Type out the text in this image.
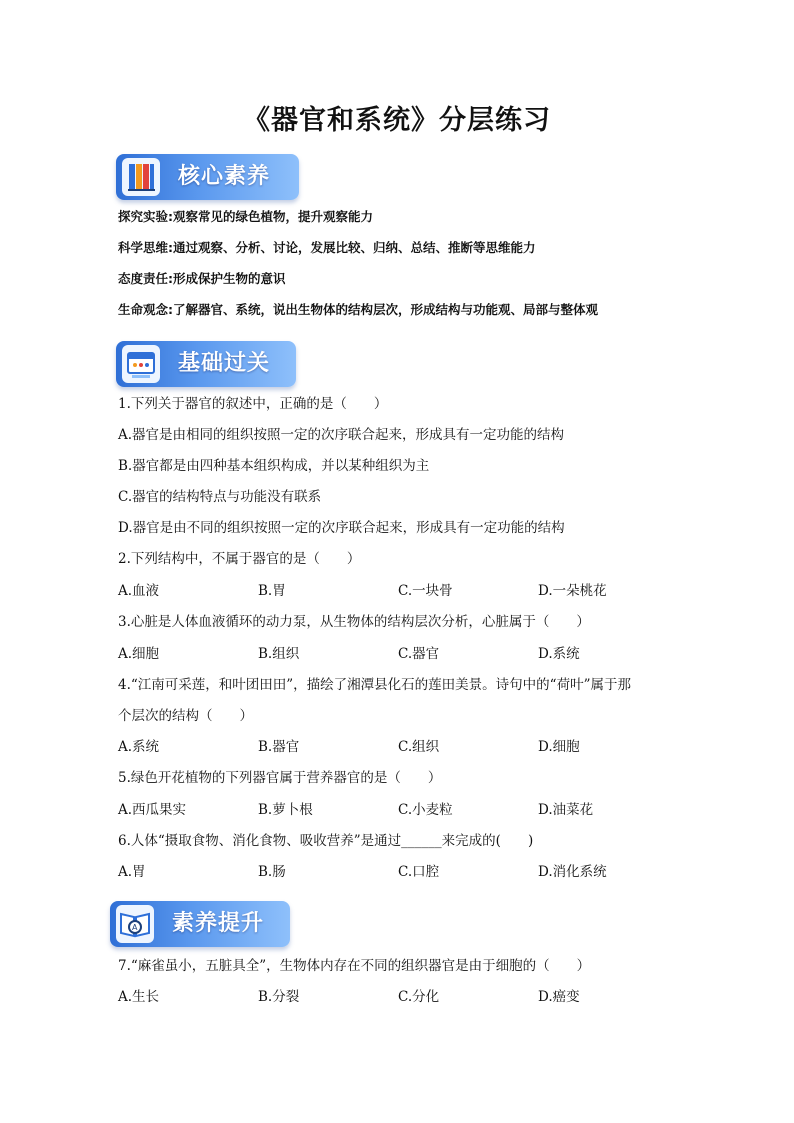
《器官和系统》分层练习
核心素养
探究实验:观察常见的绿色植物，提升观察能力
科学思维:通过观察、分析、讨论，发展比较、归纳、总结、推断等思维能力
态度责任:形成保护生物的意识
生命观念:了解器官、系统，说出生物体的结构层次，形成结构与功能观、局部与整体观
基础过关
1.下列关于器官的叙述中，正确的是（　　）
A.器官是由相同的组织按照一定的次序联合起来，形成具有一定功能的结构
B.器官都是由四种基本组织构成，并以某种组织为主
C.器官的结构特点与功能没有联系
D.器官是由不同的组织按照一定的次序联合起来，形成具有一定功能的结构
2.下列结构中，不属于器官的是（　　）
A.血液	B.胃	C.一块骨	D.一朵桃花
3.心脏是人体血液循环的动力泵，从生物体的结构层次分析，心脏属于（　　）
A.细胞	B.组织	C.器官	D.系统
4.“江南可采莲，和叶团田田”，描绘了湘潭县化石的莲田美景。诗句中的“荷叶”属于那
个层次的结构（　　）
A.系统	B.器官	C.组织	D.细胞
5.绿色开花植物的下列器官属于营养器官的是（　　）
A.西瓜果实	B.萝卜根	C.小麦粒	D.油菜花
6.人体“摄取食物、消化食物、吸收营养”是通过______来完成的(　　)
A.胃	B.肠	C.口腔	D.消化系统
A 素养提升
7.“麻雀虽小，五脏具全”，生物体内存在不同的组织器官是由于细胞的（　　）
A.生长	B.分裂	C.分化	D.癌变
